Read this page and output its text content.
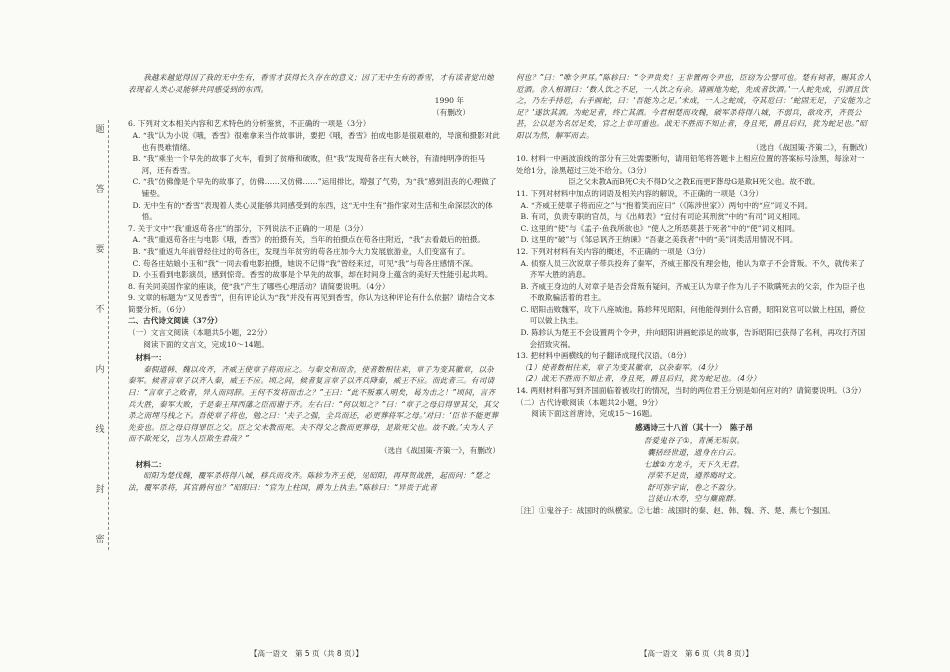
题
答
要
不
内
线
封
密

我越来越觉得因了我的无中生有，香雪才获得长久存在的意义；因了无中生有的香雪，才有读者觉出她表现着人类心灵能够共同感受到的东西。

1990 年

（有删改）

6. 下列对文本相关内容和艺术特色的分析鉴赏，不正确的一项是（3分）

A. “我”认为小说《哦，香雪》很难拿来当作故事讲，要把《哦，香雪》拍成电影是很艰难的，导演和摄影对此也有畏难情绪。

B. “我”乘坐一个早先的故事了火车，看到了贫瘠和破败，但“我”发现苟各庄有大峡谷，有清纯明净的拒马河，还有香雪。

C. “我”仿佛像是个早先的故事了，仿佛……又仿佛……”运用排比，增强了气势，为“我”感到沮丧的心理做了铺垫。

D. 无中生有的“香雪”表现着人类心灵能够共同感受到的东西，这“无中生有”指作家对生活和生命深层次的体悟。

7. 关于文中“‘我’重返苟各庄”的部分，下列说法不正确的一项是（3分）

A. “我”重返苟各庄与电影《哦，香雪》的拍摄有关，当年的拍摄点在苟各庄附近，“我”去看最后的拍摄。

B. “我”重返九年前曾经住过的苟各庄，发现当年贫穷的苟各庄加今大力发展旅游业，人们变富有了。

C. 苟各庄姑娘小玉和“我”一同去看电影拍摄，她说不记得“我”曾经来过，可见“我”与苟各庄感情不深。

D. 小玉看到电影演员，感到惊奇。香雪的故事是个早先的故事，却在时间身上蕴含的美好天性能引起共鸣。

8. 有关同美国作家的座谈，使“我”产生了哪些心理活动？请简要说明。（4分）

9. 文章的标题为“又见香雪”，但有评论认为“我”并没有再见到香雪，你认为这种评论有什么依据？请结合文本简要分析。（6分）

二、古代诗文阅读（37分）

（一）文言文阅读（本题共5小题，22分）

阅读下面的文言文，完成10～14题。

材料一：

秦假道韩、魏以攻齐，齐威王使章子将而应之。与秦交和而舍，使者数相往来，章子为变其徽章，以杂秦军。候者言章子以齐入秦，威王不应。顷之间，候者复言章子以齐兵降秦，威王不应。而此者三。有司请曰：“言章子之败者，异人而同辞。王何不发将而击之？”王曰：“此不叛寡人明矣，曷为击之！”顷间，言齐兵大胜，秦军大败，于是秦王拜西藩之臣而谢于齐。左右曰：“何以知之？”曰：“章子之母启得罪其父，其父杀之而埋马栈之下。吾使章子将也，勉之曰：‘夫子之强，全兵而还，必更葬将军之母。’对曰：‘臣非不能更葬先妾也。臣之母启得罪臣之父。臣之父未教而死。夫不得父之教而更葬母，是欺死父也。故不敢。’夫为人子而不欺死父，岂为人臣欺生君哉？”

（选自《战国策·齐策一》，有删改）

材料二：

昭阳为楚伐魏，覆军杀将得八城，移兵而攻齐。陈轸为齐王使，见昭阳，再拜贺战胜，起而问：“楚之法，覆军杀将，其官爵何也？”昭阳曰：“官为上柱国，爵为上执圭。”陈轸曰：“异贵于此者

何也？”曰：“唯令尹耳。”陈轸曰：“令尹贵矣！王非置两令尹也，臣窃为公譬可也。楚有祠者，赐其舍人卮酒。舍人相谓曰：‘数人饮之不足，一人饮之有余。请画地为蛇，先成者饮酒。’一人蛇先成，引酒且饮之，乃左手持卮，右手画蛇，曰：‘吾能为之足。’未成，一人之蛇成，夺其卮曰：‘蛇固无足，子安能为之足？’遂饮其酒。为蛇足者，终亡其酒。今君相楚而攻魏，破军杀将得八城，不弱兵，欲攻齐，齐畏公甚，公以是为名居足矣，官之上非可重也。战无不胜而不知止者，身且死，爵且后归，犹为蛇足也。”昭阳以为然，解军而去。

（选自《战国策·齐策二》，有删改）

10. 材料一中画波浪线的部分有三处需要断句，请用铅笔将答题卡上相应位置的答案标号涂黑，每涂对一处给1分，涂黑超过三处不给分。（3分）

臣之父未教A而B死C夫不得D父之教E而更F葬母G是欺H死父也。故不敢。

11. 下列对材料中加点的词语及相关内容的解说，不正确的一项是（3分）

A. “齐威王使章子将而应之”与“抱着笑而应曰”（《陈涉世家》）两句中的“应”词义不同。

B. 有司，负责专职的官员，与《出师表》“宜付有司论其刑赏”中的“有司”词义相同。

C. 这里的“使”与《孟子·鱼我所欲也》“使人之所恶莫甚于死者”中的“使”词义相同。

D. 这里的“破”与《邹忌讽齐王纳谏》“吾妻之美我者”中的“美”词类活用情况不同。

12. 下列对材料有关内容的概述，不正确的一项是（3分）

A. 侦察人员三次说章子带兵投奔了秦军，齐威王都没有理会他，他认为章子不会背叛。不久，就传来了齐军大胜的消息。

B. 齐威王身边的人对章子是否会背叛有疑问，齐威王认为章子作为儿子不欺瞒死去的父亲，作为臣子也不敢欺骗活着的君主。

C. 昭阳击败魏军，攻下八座城池。陈轸拜见昭阳，问他能得到什么官爵，昭阳说官可以做上柱国，爵位可以做上执圭。

D. 陈轸认为楚王不会设置两个令尹，并向昭阳讲画蛇添足的故事，告诉昭阳已获得了名利，再攻打齐国会招致灾祸。

13. 把材料中画横线的句子翻译成现代汉语。（8分）

（1）使者数相往来，章子为变其徽章，以杂秦军。（4分）

（2）战无不胜而不知止者，身且死，爵且后归，犹为蛇足也。（4分）

14. 两则材料都写到齐国面临着被攻打的情况，当时的两位君王分别是如何应对的？请简要说明。（3分）

（二）古代诗歌阅读（本题共2小题，9分）

阅读下面这首唐诗，完成15～16题。

感遇诗三十八首（其十一）　陈子昂

吾爱鬼谷子①，青溪无垢氛。

囊括经世道，遗身在白云。

七雄②方龙斗，天下久无君。

浮荣不足贵，遵养晦时文。

舒可弥宇宙，卷之不盈分。

岂徒山木寿，空与麋鹿群。

［注］①鬼谷子：战国时的纵横家。②七雄：战国时的秦、赵、韩、魏、齐、楚、燕七个强国。

【高一语文　第 5 页（共 8 页）】	【高一语文　第 6 页（共 8 页）】
